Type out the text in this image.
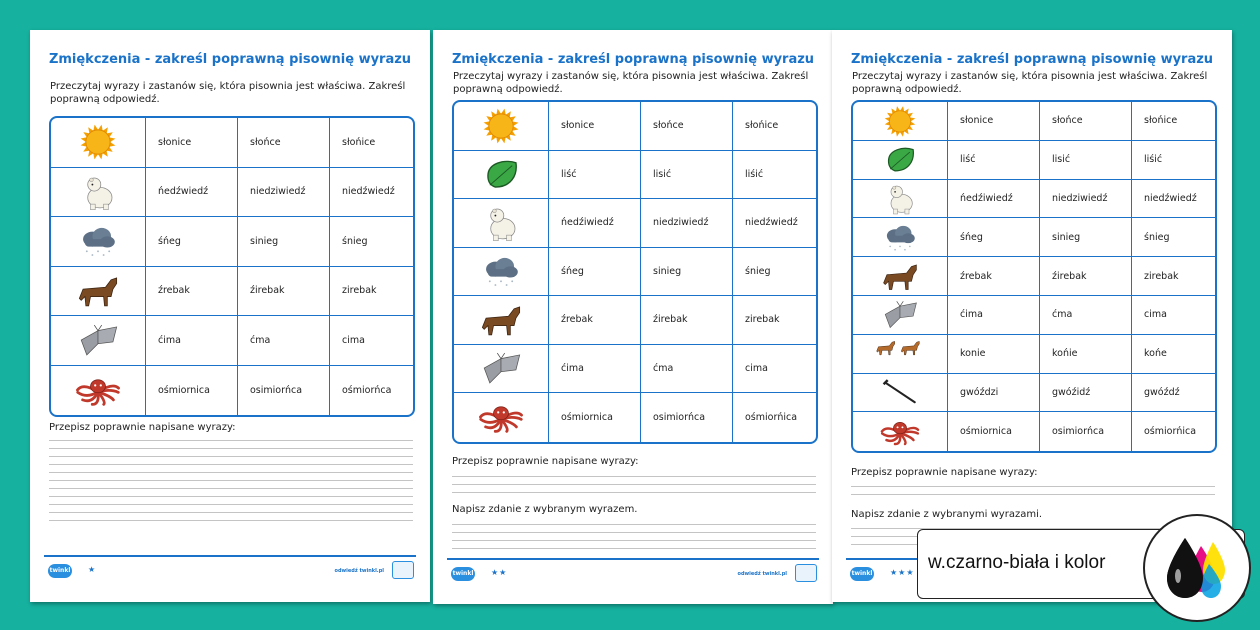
Zmiękczenia - zakreśl poprawną pisownię wyrazu
Przeczytaj wyrazy i zastanów się, która pisownia jest właściwa. Zakreśl
poprawną odpowiedź.
	słonice	słońce	słońice

	ńedźwiedź	niedziwiedź	niedźwiedź

	śńeg	sinieg	śnieg

	źrebak	źirebak	zirebak

	ćima	ćma	cima

	ośmiornica	osimiorńca	ośmiorńca
Przepisz poprawnie napisane wyrazy:
twinkl ★	odwiedź twinkl.pl
Zmiękczenia - zakreśl poprawną pisownię wyrazu
Przeczytaj wyrazy i zastanów się, która pisownia jest właściwa. Zakreśl
poprawną odpowiedź.
	słonice	słońce	słońice

	liść	lisić	liśić

	ńedźiwiedź	niedziwiedź	niedźwiedź

	śńeg	sinieg	śnieg

	źrebak	źirebak	zirebak

	ćima	ćma	cima

	ośmiornica	osimiorńca	ośmiorńica
Przepisz poprawnie napisane wyrazy:
Napisz zdanie z wybranym wyrazem.
twinkl ★★	odwiedź twinkl.pl
Zmiękczenia - zakreśl poprawną pisownię wyrazu
Przeczytaj wyrazy i zastanów się, która pisownia jest właściwa. Zakreśl
poprawną odpowiedź.
	słonice	słońce	słońice

	liść	lisić	liśić

	ńedźiwiedź	niedziwiedź	niedźwiedź

	śńeg	sinieg	śnieg

	źrebak	źirebak	zirebak

	ćima	ćma	cima

	konie	końie	końe

	gwóździ	gwóźidź	gwóźdź

	ośmiornica	osimiorńca	ośmiorńica
Przepisz poprawnie napisane wyrazy:
Napisz zdanie z wybranymi wyrazami.
twinkl ★★★ w.czarno-biała i kolor
